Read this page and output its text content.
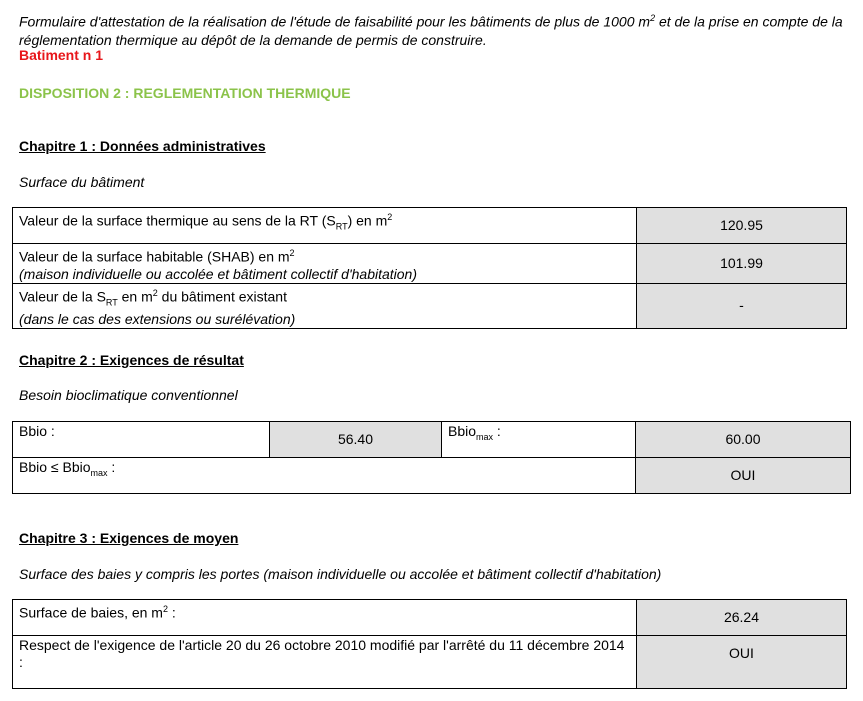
Formulaire d'attestation de la réalisation de l'étude de faisabilité pour les bâtiments de plus de 1000 $m^2$ et de la prise en compte de la réglementation thermique au dépôt de la demande de permis de construire.
Batiment n 1
DISPOSITION 2 : REGLEMENTATION THERMIQUE
Chapitre 1 : Données administratives
Surface du bâtiment
Valeur de la surface thermique au sens de la RT $(S_{RT})$ en $m^2$	120.95
Valeur de la surface habitable (SHAB) en $m^2$
(maison individuelle ou accolée et bâtiment collectif d'habitation)	101.99
Valeur de la $S_{RT}$ en $m^2$ du bâtiment existant
(dans le cas des extensions ou surélévation)	-
Chapitre 2 : Exigences de résultat
Besoin bioclimatique conventionnel
Bbio :	56.40	Bbio$_{max}$ :	60.00
Bbio ≤ Bbio$_{max}$ :			OUI
Chapitre 3 : Exigences de moyen
Surface des baies y compris les portes (maison individuelle ou accolée et bâtiment collectif d'habitation)
Surface de baies, en $m^2$ :	26.24
Respect de l'exigence de l'article 20 du 26 octobre 2010 modifié par l'arrêté du 11 décembre 2014 :	OUI
